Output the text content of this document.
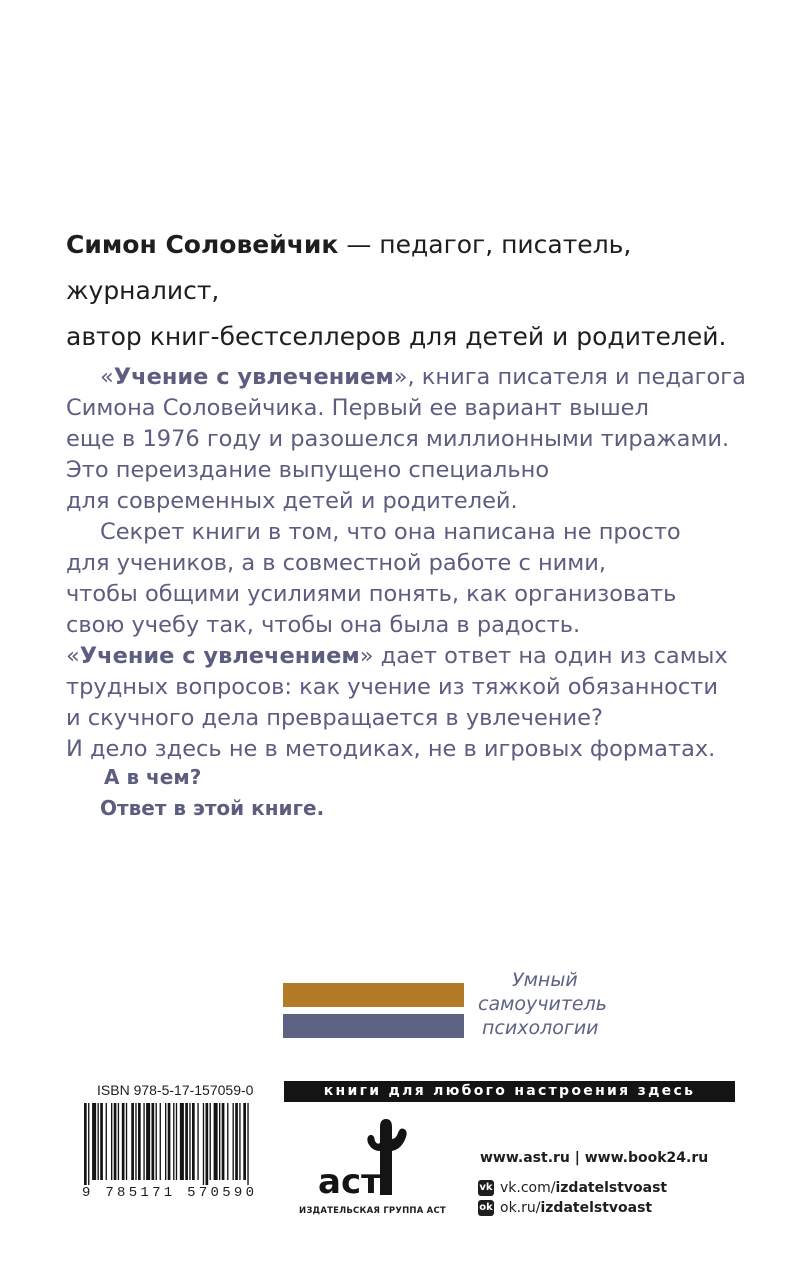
Симон Соловейчик — педагог, писатель, журналист,
автор книг-бестселлеров для детей и родителей.

«Учение с увлечением», книга писателя и педагога

Симона Соловейчика. Первый ее вариант вышел

еще в 1976 году и разошелся миллионными тиражами.

Это переиздание выпущено специально

для современных детей и родителей.

Секрет книги в том, что она написана не просто

для учеников, а в совместной работе с ними,

чтобы общими усилиями понять, как организовать

свою учебу так, чтобы она была в радость.

«Учение с увлечением» дает ответ на один из самых

трудных вопросов: как учение из тяжкой обязанности

и скучного дела превращается в увлечение?

И дело здесь не в методиках, не в игровых форматах.

А в чем?
Ответ в этой книге.
Умный
самоучитель
психологии
ISBN 978-5-17-157059-0
9 785171 570590
книги для любого настроения здесь
аст
ИЗДАТЕЛЬСКАЯ ГРУППА АСТ
www.ast.ru | www.book24.ru
vk vk.com/ izdatelstvoast
ok ok.ru/ izdatelstvoast
